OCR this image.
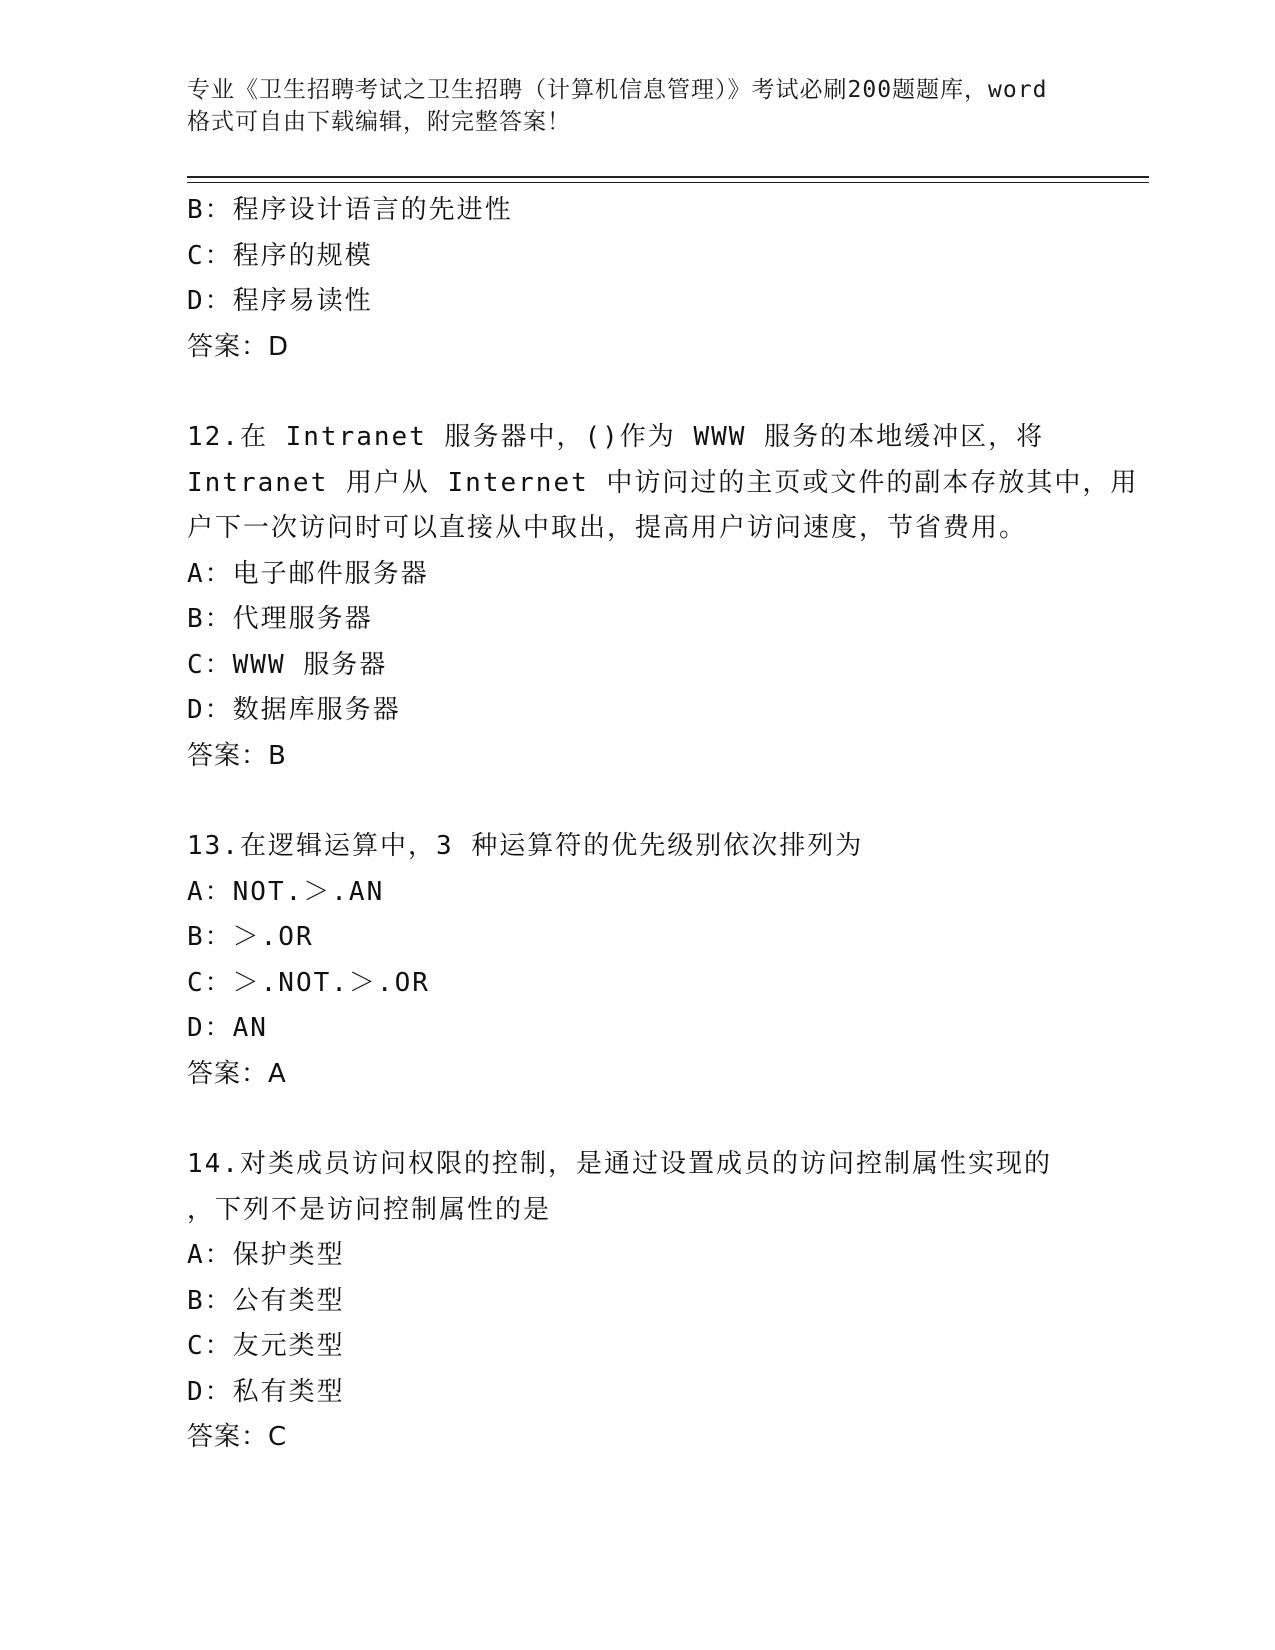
专业《卫生招聘考试之卫生招聘（计算机信息管理）》考试必刷200题题库，word
格式可自由下载编辑，附完整答案！
B：程序设计语言的先进性
C：程序的规模
D：程序易读性
答案：D
12.在 Intranet 服务器中，()作为 WWW 服务的本地缓冲区，将
Intranet 用户从 Internet 中访问过的主页或文件的副本存放其中，用
户下一次访问时可以直接从中取出，提高用户访问速度，节省费用。
A：电子邮件服务器
B：代理服务器
C：WWW 服务器
D：数据库服务器
答案：B
13.在逻辑运算中，3 种运算符的优先级别依次排列为
A：NOT.＞.AN
B：＞.OR
C：＞.NOT.＞.OR
D：AN
答案：A
14.对类成员访问权限的控制，是通过设置成员的访问控制属性实现的
，下列不是访问控制属性的是
A：保护类型
B：公有类型
C：友元类型
D：私有类型
答案：C
